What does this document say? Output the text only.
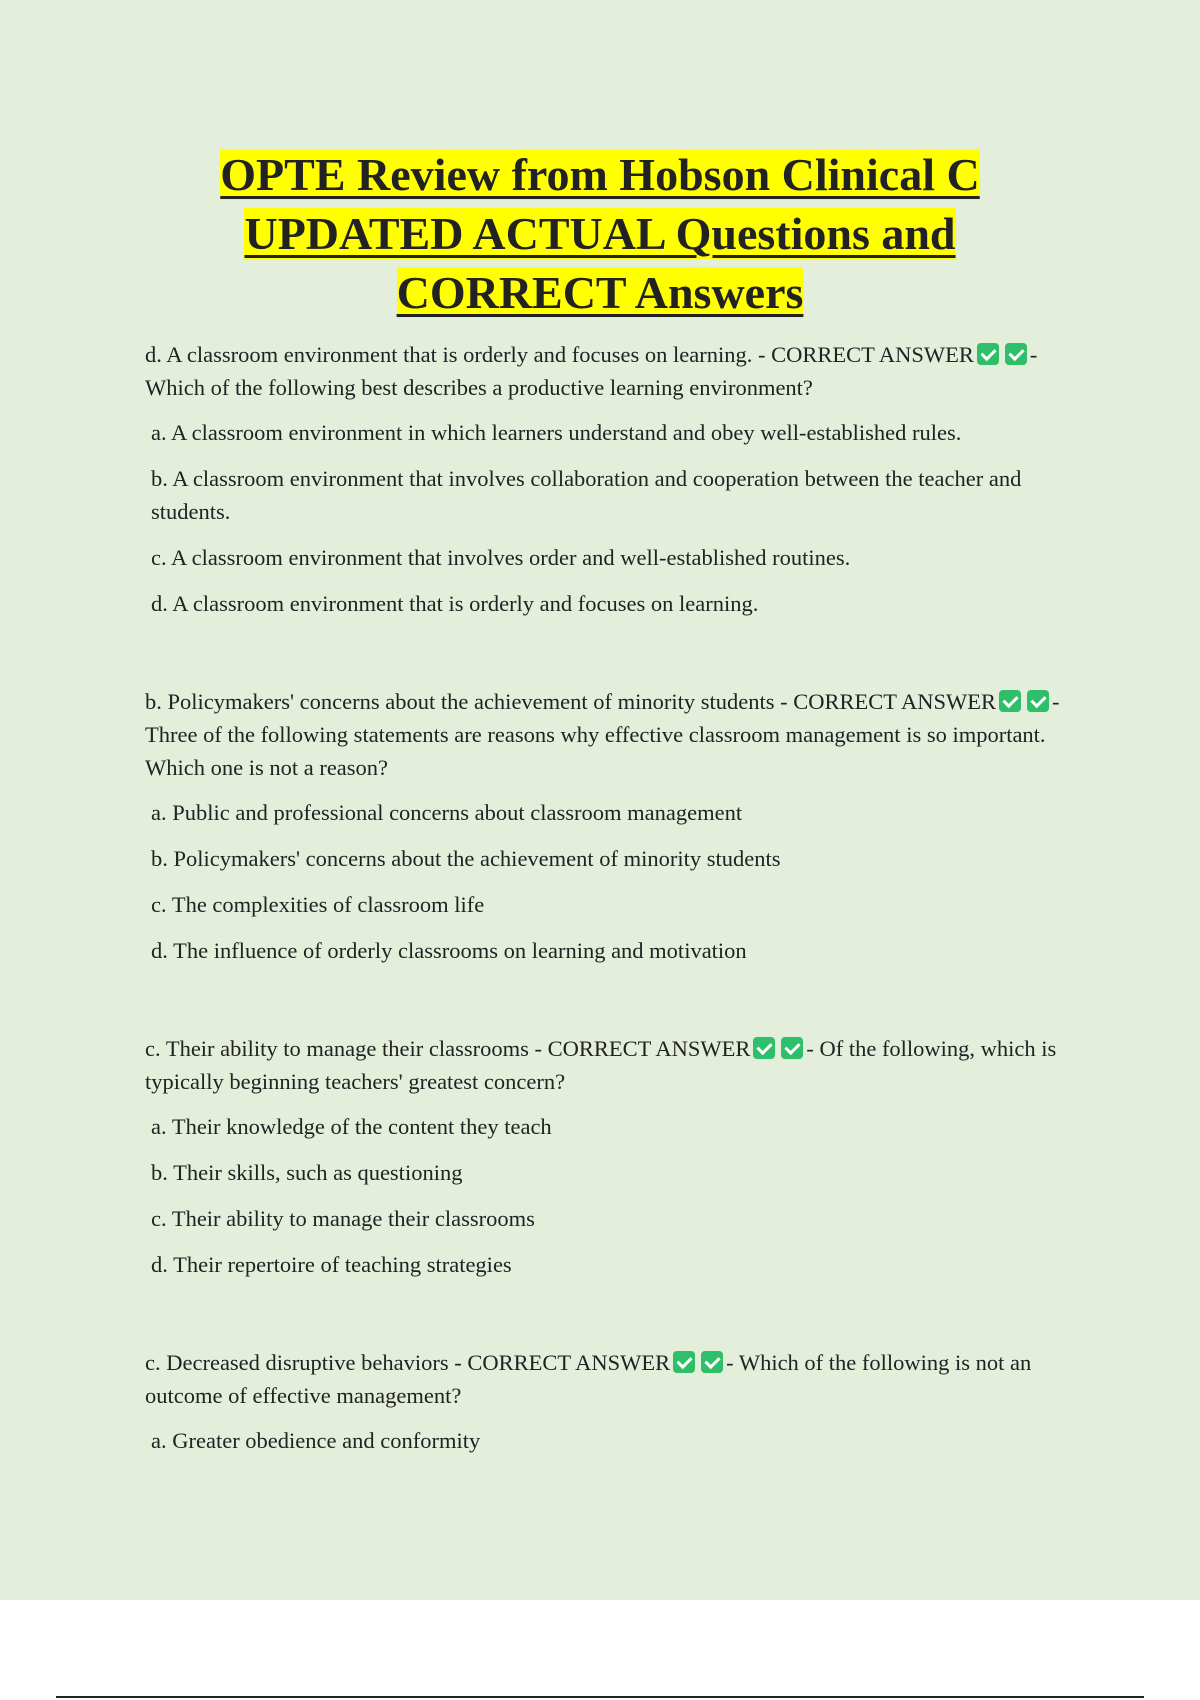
OPTE Review from Hobson Clinical C
UPDATED ACTUAL Questions and
CORRECT Answers

d. A classroom environment that is orderly and focuses on learning. - CORRECT ANSWER - Which of the following best describes a productive learning environment?

a. A classroom environment in which learners understand and obey well-established rules.

b. A classroom environment that involves collaboration and cooperation between the teacher and students.

c. A classroom environment that involves order and well-established routines.

d. A classroom environment that is orderly and focuses on learning.

b. Policymakers' concerns about the achievement of minority students - CORRECT ANSWER - Three of the following statements are reasons why effective classroom management is so important. Which one is not a reason?

a. Public and professional concerns about classroom management

b. Policymakers' concerns about the achievement of minority students

c. The complexities of classroom life

d. The influence of orderly classrooms on learning and motivation

c. Their ability to manage their classrooms - CORRECT ANSWER - Of the following, which is typically beginning teachers' greatest concern?

a. Their knowledge of the content they teach

b. Their skills, such as questioning

c. Their ability to manage their classrooms

d. Their repertoire of teaching strategies

c. Decreased disruptive behaviors - CORRECT ANSWER - Which of the following is not an outcome of effective management?

a. Greater obedience and conformity
